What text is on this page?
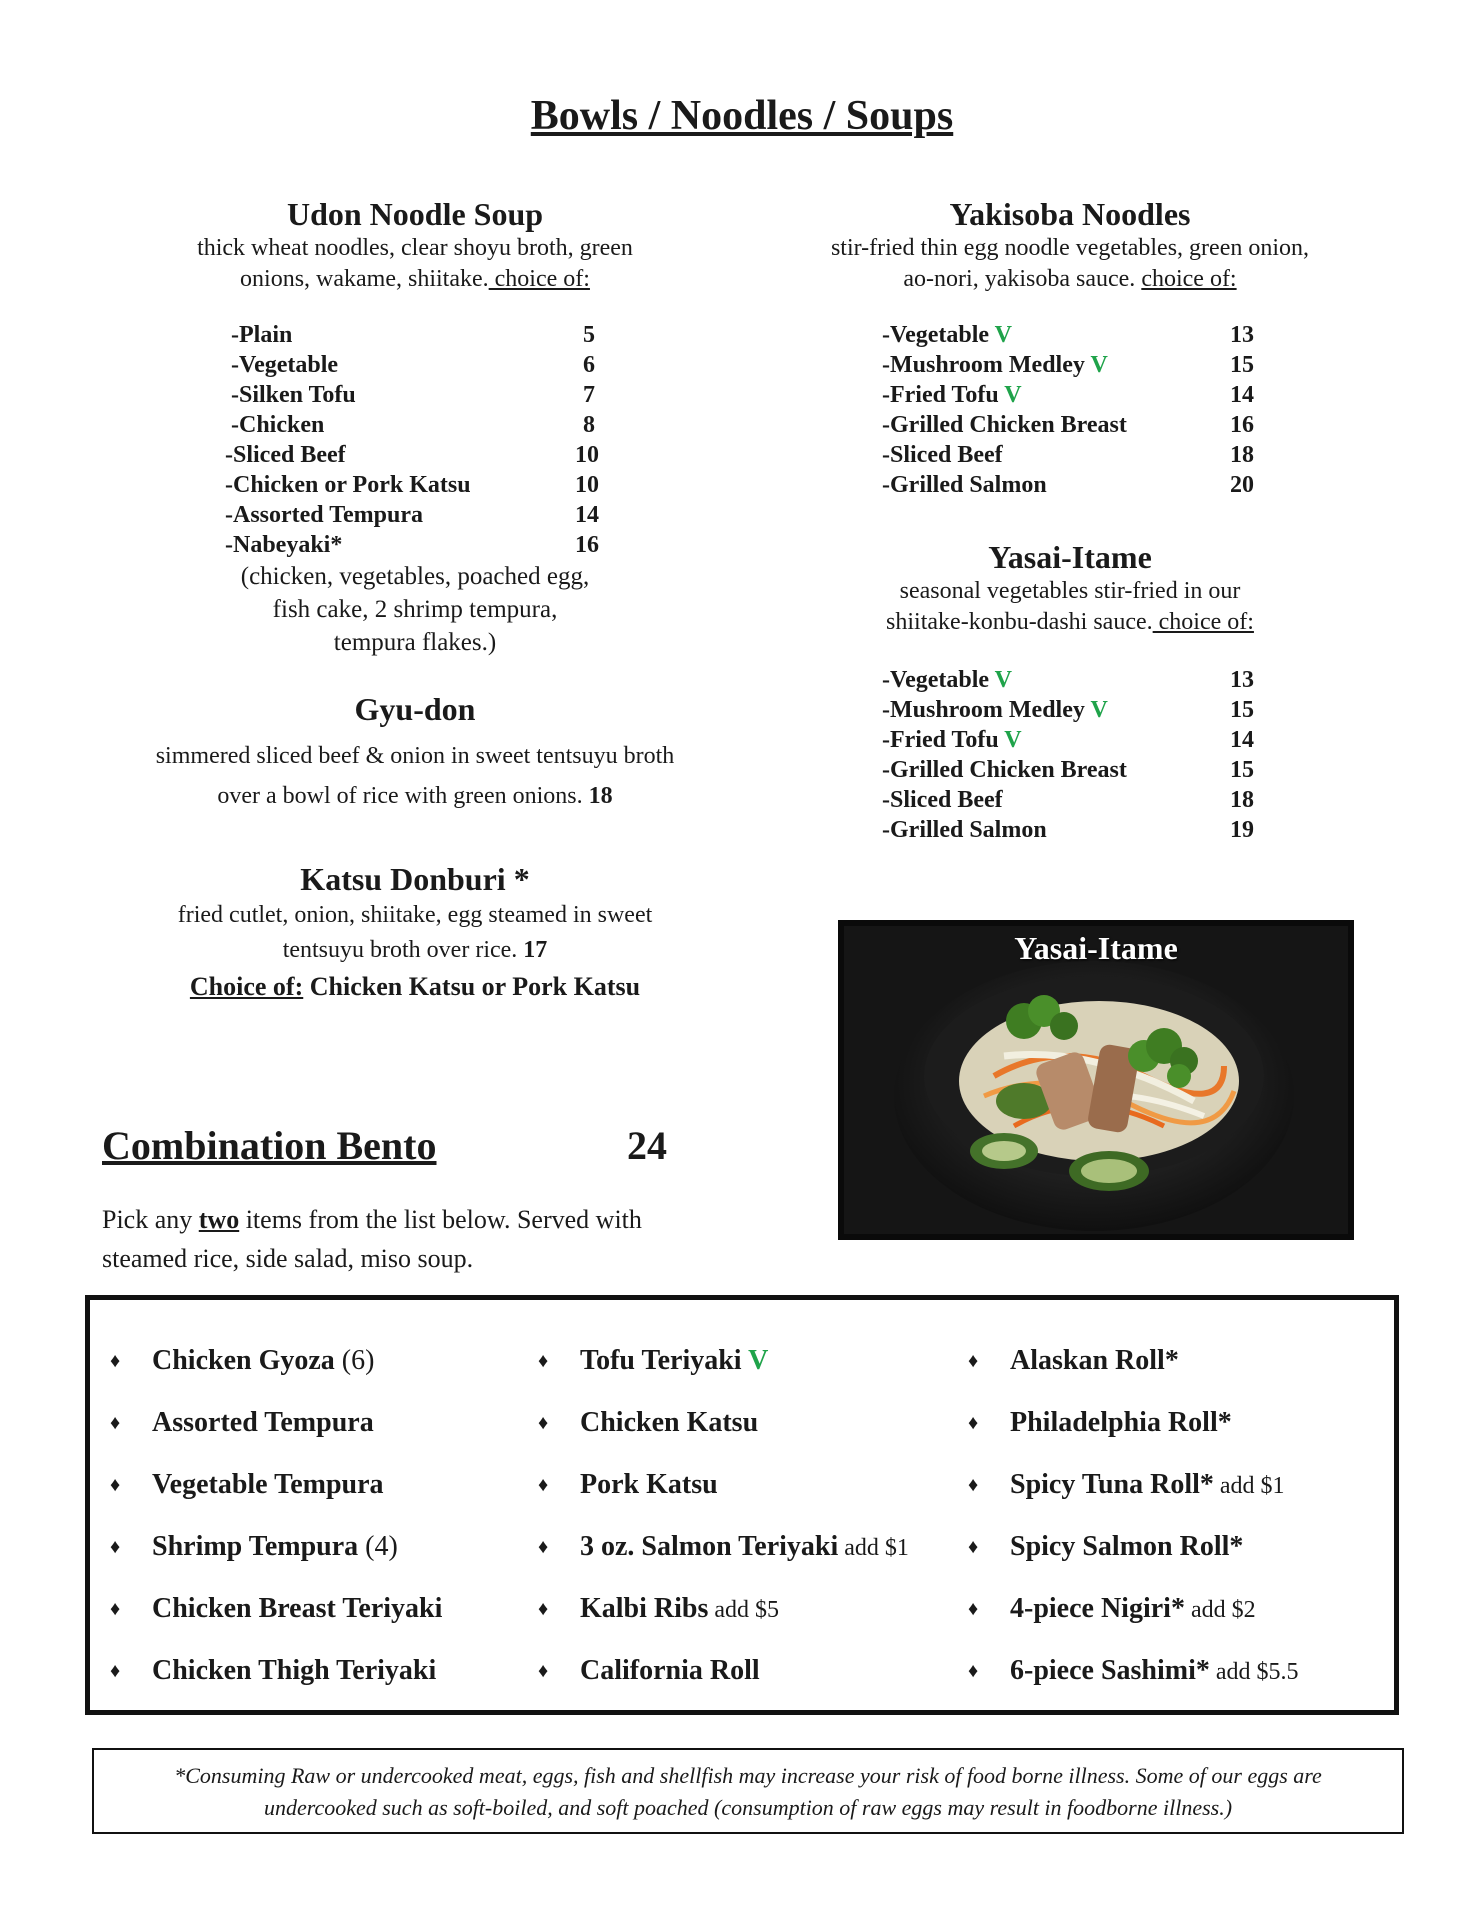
Bowls / Noodles / Soups
Udon Noodle Soup
thick wheat noodles, clear shoyu broth, green
onions, wakame, shiitake. choice of:
-Plain	5
-Vegetable	6
-Silken Tofu	7
-Chicken	8
-Sliced Beef	10
-Chicken or Pork Katsu	10
-Assorted Tempura	14
-Nabeyaki*	16
(chicken, vegetables, poached egg,
fish cake, 2 shrimp tempura,
tempura flakes.)
Gyu-don
simmered sliced beef & onion in sweet tentsuyu broth
over a bowl of rice with green onions. 18
Katsu Donburi *
fried cutlet, onion, shiitake, egg steamed in sweet
tentsuyu broth over rice. 17
Choice of: Chicken Katsu or Pork Katsu
Yakisoba Noodles
stir-fried thin egg noodle vegetables, green onion,
ao-nori, yakisoba sauce. choice of:
-Vegetable V	13
-Mushroom Medley V	15
-Fried Tofu V	14
-Grilled Chicken Breast	16
-Sliced Beef	18
-Grilled Salmon	20
Yasai-Itame
seasonal vegetables stir-fried in our
shiitake-konbu-dashi sauce. choice of:
-Vegetable V	13
-Mushroom Medley V	15
-Fried Tofu V	14
-Grilled Chicken Breast	15
-Sliced Beef	18
-Grilled Salmon	19
Yasai-Itame
Combination Bento	24
Pick any two items from the list below. Served with
steamed rice, side salad, miso soup.
♦ Chicken Gyoza (6)
♦ Assorted Tempura
♦ Vegetable Tempura
♦ Shrimp Tempura (4)
♦ Chicken Breast Teriyaki
♦ Chicken Thigh Teriyaki
♦ Tofu Teriyaki V
♦ Chicken Katsu
♦ Pork Katsu
♦ 3 oz. Salmon Teriyaki add $1
♦ Kalbi Ribs add $5
♦ California Roll
♦ Alaskan Roll*
♦ Philadelphia Roll*
♦ Spicy Tuna Roll* add $1
♦ Spicy Salmon Roll*
♦ 4-piece Nigiri* add $2
♦ 6-piece Sashimi* add $5.5
*Consuming Raw or undercooked meat, eggs, fish and shellfish may increase your risk of food borne illness. Some of our eggs are
undercooked such as soft-boiled, and soft poached (consumption of raw eggs may result in foodborne illness.)
